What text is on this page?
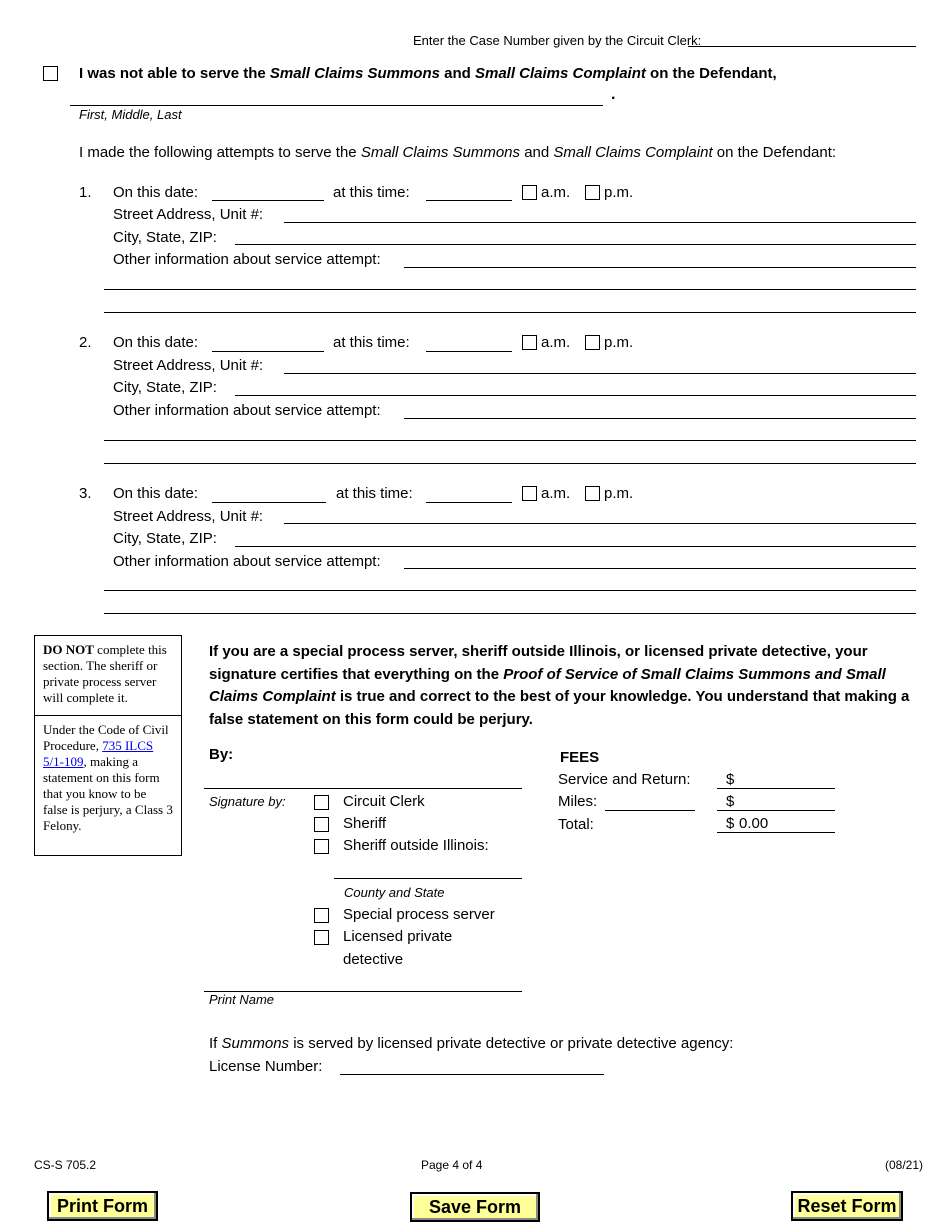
Enter the Case Number given by the Circuit Clerk:
I was not able to serve the Small Claims Summons and Small Claims Complaint on the Defendant,
.
First, Middle, Last
I made the following attempts to serve the Small Claims Summons and Small Claims Complaint on the Defendant:
1. On this date:	at this time:	a.m. p.m.
Street Address, Unit #:
City, State, ZIP:
Other information about service attempt:
2. On this date:	at this time:	a.m. p.m.
Street Address, Unit #:
City, State, ZIP:
Other information about service attempt:
3. On this date:	at this time:	a.m. p.m.
Street Address, Unit #:
City, State, ZIP:
Other information about service attempt:
DO NOT complete this section. The sheriff or private process server will complete it.
Under the Code of Civil Procedure, 735 ILCS 5/1-109, making a statement on this form that you know to be false is perjury, a Class 3 Felony.
If you are a special process server, sheriff outside Illinois, or licensed private detective, your signature certifies that everything on the Proof of Service of Small Claims Summons and Small Claims Complaint is true and correct to the best of your knowledge. You understand that making a false statement on this form could be perjury.
By:
Signature by:	Circuit Clerk
Sheriff
Sheriff outside Illinois:
County and State
Special process server
Licensed private
detective
Print Name
FEES
Service and Return: $
Miles:	$
Total:	$ 0.00
If Summons is served by licensed private detective or private detective agency:
License Number:
CS-S 705.2	Page 4 of 4	(08/21)
Print Form	Save Form	Reset Form
